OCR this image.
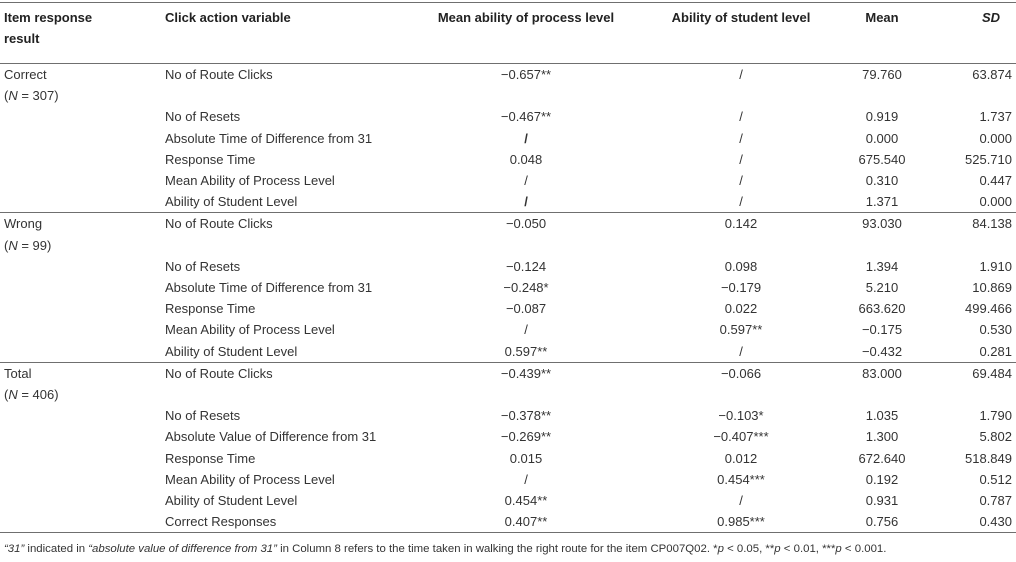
Item response result	Click action variable	Mean ability of process level	Ability of student level	Mean	SD

Correct
(N = 307)	No of Route Clicks	−0.657**	/	79.760	63.874
	No of Resets	−0.467**	/	0.919	1.737
	Absolute Time of Difference from 31	/	/	0.000	0.000
	Response Time	0.048	/	675.540	525.710
	Mean Ability of Process Level	/	/	0.310	0.447
	Ability of Student Level	/	/	1.371	0.000

Wrong
(N = 99)	No of Route Clicks	−0.050	0.142	93.030	84.138
	No of Resets	−0.124	0.098	1.394	1.910
	Absolute Time of Difference from 31	−0.248*	−0.179	5.210	10.869
	Response Time	−0.087	0.022	663.620	499.466
	Mean Ability of Process Level	/	0.597**	−0.175	0.530
	Ability of Student Level	0.597**	/	−0.432	0.281

Total
(N = 406)	No of Route Clicks	−0.439**	−0.066	83.000	69.484
	No of Resets	−0.378**	−0.103*	1.035	1.790
	Absolute Value of Difference from 31	−0.269**	−0.407***	1.300	5.802
	Response Time	0.015	0.012	672.640	518.849
	Mean Ability of Process Level	/	0.454***	0.192	0.512
	Ability of Student Level	0.454**	/	0.931	0.787
	Correct Responses	0.407**	0.985***	0.756	0.430

“31” indicated in “absolute value of difference from 31” in Column 8 refers to the time taken in walking the right route for the item CP007Q02. *p < 0.05, **p < 0.01, ***p < 0.001.
